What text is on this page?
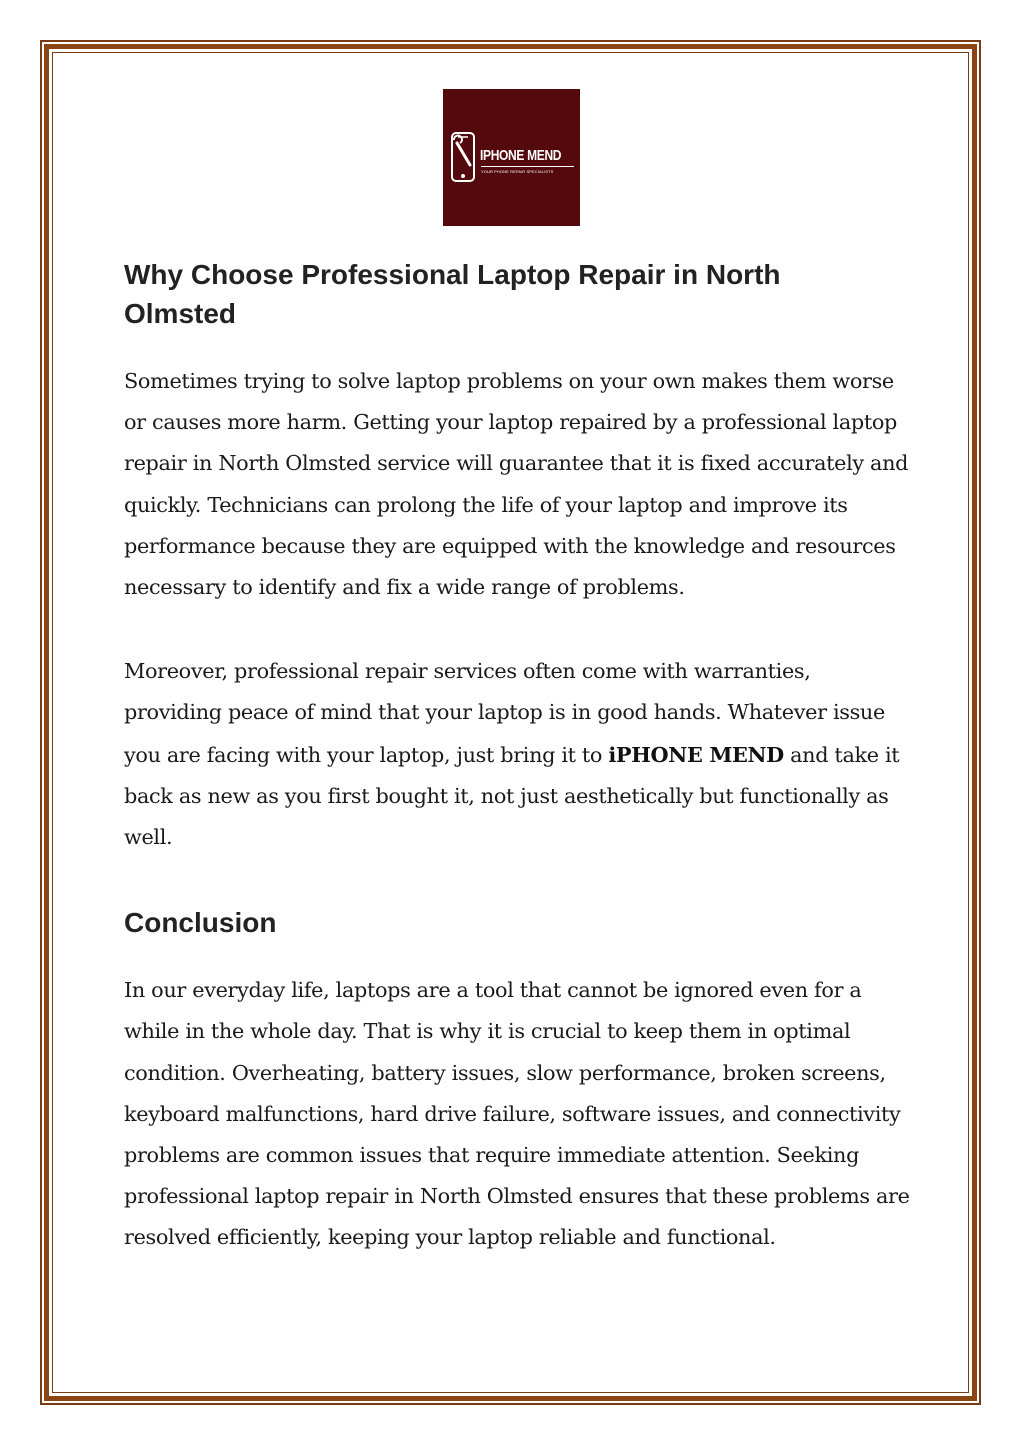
IPHONE MEND
YOUR PHONE REPAIR SPECIALISTS
Why Choose Professional Laptop Repair in North Olmsted

Sometimes trying to solve laptop problems on your own makes them worse or causes more harm. Getting your laptop repaired by a professional laptop repair in North Olmsted service will guarantee that it is fixed accurately and quickly. Technicians can prolong the life of your laptop and improve its performance because they are equipped with the knowledge and resources necessary to identify and fix a wide range of problems.

Moreover, professional repair services often come with warranties, providing peace of mind that your laptop is in good hands. Whatever issue you are facing with your laptop, just bring it to iPHONE MEND and take it back as new as you first bought it, not just aesthetically but functionally as well.

Conclusion

In our everyday life, laptops are a tool that cannot be ignored even for a while in the whole day. That is why it is crucial to keep them in optimal condition. Overheating, battery issues, slow performance, broken screens, keyboard malfunctions, hard drive failure, software issues, and connectivity problems are common issues that require immediate attention. Seeking professional laptop repair in North Olmsted ensures that these problems are resolved efficiently, keeping your laptop reliable and functional.
